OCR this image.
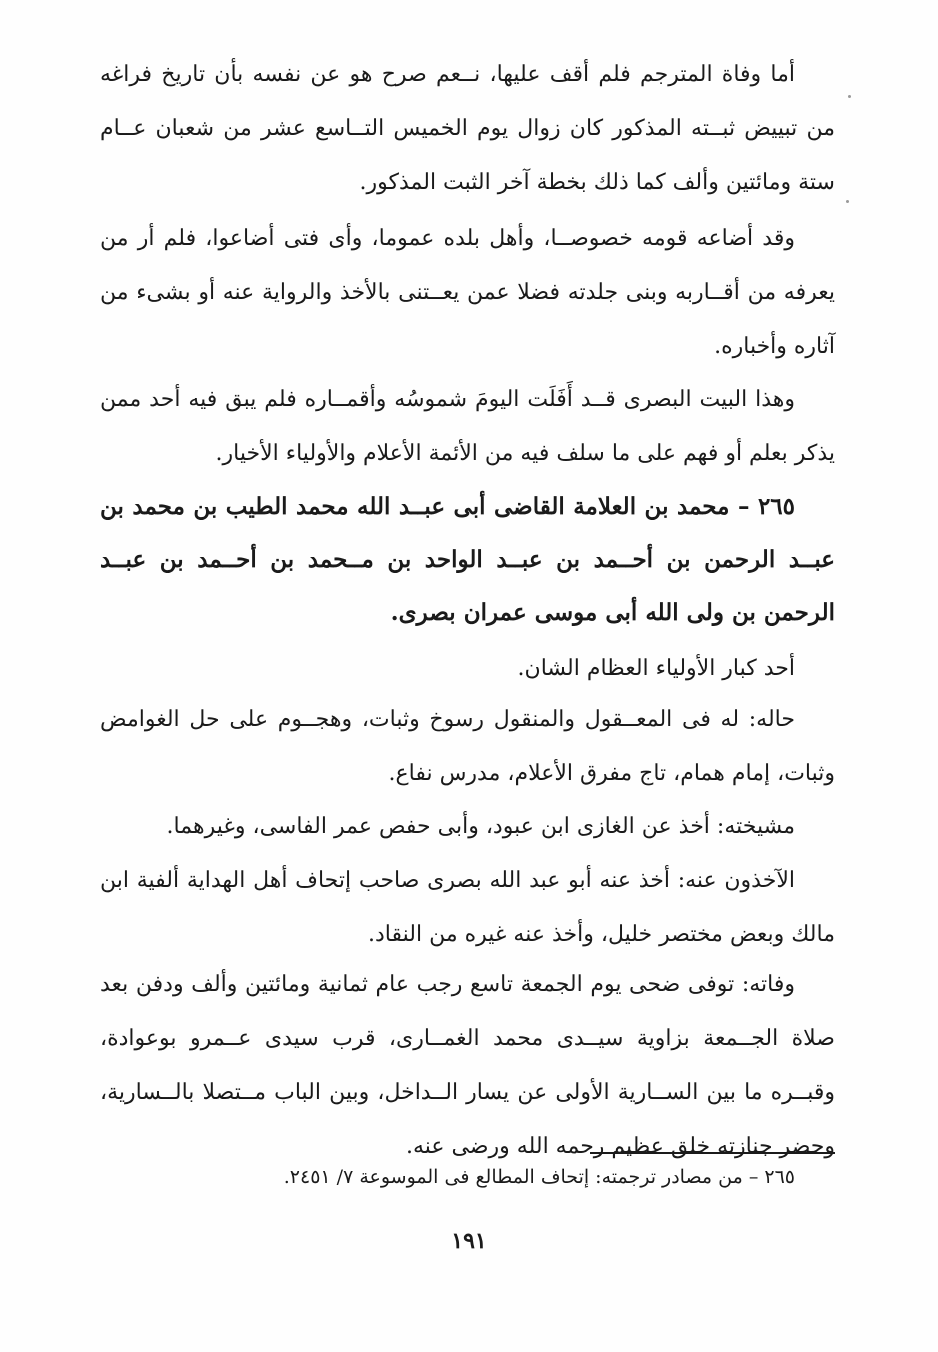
أما وفاة المترجم فلم أقف عليها، نــعم صرح هو عن نفسه بأن تاريخ فراغه من تبييض ثبــته المذكور كان زوال يوم الخميس التــاسع عشر من شعبان عــام ستة ومائتين وألف كما ذلك بخطة آخر الثبت المذكور.

وقد أضاعه قومه خصوصــا، وأهل بلده عموما، وأى فتى أضاعوا، فلم أر من يعرفه من أقــاربه وبنى جلدته فضلا عمن يعــتنى بالأخذ والرواية عنه أو بشىء من آثاره وأخباره.

وهذا البيت البصرى قــد أَفَلَت اليومَ شموسُه وأقمــاره فلم يبق فيه أحد ممن يذكر بعلم أو فهم على ما سلف فيه من الأئمة الأعلام والأولياء الأخيار.

٢٦٥ – محمد بن العلامة القاضى أبى عبــد الله محمد الطيب بن محمد بن عبــد الرحمن بن أحــمد بن عبــد الواحد بن مــحمد بن أحــمد بن عبــد الرحمن بن ولى الله أبى موسى عمران بصرى.

أحد كبار الأولياء العظام الشان.

حاله: له فى المعــقول والمنقول رسوخ وثبات، وهجــوم على حل الغوامض وثبات، إمام همام، تاج مفرق الأعلام، مدرس نفاع.

مشيخته: أخذ عن الغازى ابن عبود، وأبى حفص عمر الفاسى، وغيرهما.

الآخذون عنه: أخذ عنه أبو عبد الله بصرى صاحب إتحاف أهل الهداية ألفية ابن مالك وبعض مختصر خليل، وأخذ عنه غيره من النقاد.

وفاته: توفى ضحى يوم الجمعة تاسع رجب عام ثمانية ومائتين وألف ودفن بعد صلاة الجــمعة بزاوية سيــدى محمد الغمــارى، قرب سيدى عــمرو بوعوادة، وقبــره ما بين الســارية الأولى عن يسار الــداخل، وبين الباب مــتصلا بالــسارية، وحضر جنازته خلق عظيم رحمه الله ورضى عنه.

٢٦٥ – من مصادر ترجمته: إتحاف المطالع فى الموسوعة ٧/ ٢٤٥١.

١٩١
